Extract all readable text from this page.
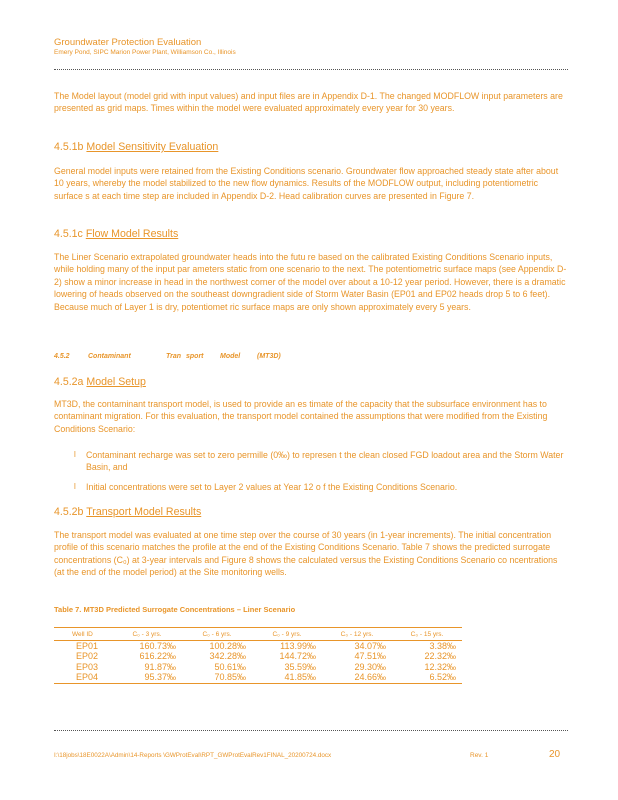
Groundwater Protection Evaluation
Emery Pond, SIPC Marion Power Plant, Williamson Co., Illinois

The Model layout (model grid with input values) and input files are in Appendix D-1. The changed MODFLOW input parameters are presented as grid maps. Times within the model were evaluated approximately every year for 30 years.

4.5.1b Model Sensitivity Evaluation

General model inputs were retained from the Existing Conditions scenario. Groundwater flow approached steady state after about 10 years, whereby the model stabilized to the new flow dynamics. Results of the MODFLOW output, including potentiometric surface s at each time step are included in Appendix D-2. Head calibration curves are presented in Figure 7.

4.5.1c Flow Model Results

The Liner Scenario extrapolated groundwater heads into the futu re based on the calibrated Existing Conditions Scenario inputs, while holding many of the input par ameters static from one scenario to the next. The potentiometric surface maps (see Appendix D-2) show a minor increase in head in the northwest corner of the model over about a 10-12 year period. However, there is a dramatic lowering of heads observed on the southeast downgradient side of Storm Water Basin (EP01 and EP02 heads drop 5 to 6 feet). Because much of Layer 1 is dry, potentiomet ric surface maps are only shown approximately every 5 years.

4.5.2	Contaminant	Tran sport Model (MT3D)
4.5.2a Model Setup

MT3D, the contaminant transport model, is used to provide an es timate of the capacity that the subsurface environment has to contaminant migration. For this evaluation, the transport model contained the assumptions that were modified from the Existing Conditions Scenario:

l Contaminant recharge was set to zero permille (0‰) to represen t the clean closed FGD loadout area and the Storm Water Basin, and

l Initial concentrations were set to Layer 2 values at Year 12 o f the Existing Conditions Scenario.

4.5.2b Transport Model Results

The transport model was evaluated at one time step over the course of 30 years (in 1-year increments). The initial concentration profile of this scenario matches the profile at the end of the Existing Conditions Scenario. Table 7 shows the predicted surrogate concentrations (C₀) at 3-year intervals and Figure 8 shows the calculated versus the Existing Conditions Scenario co ncentrations (at the end of the model period) at the Site monitoring wells.

Table 7. MT3D Predicted Surrogate Concentrations – Liner Scenario
Well ID	C₀ - 3 yrs.	C₀ - 6 yrs.	C₀ - 9 yrs.	C₀ - 12 yrs.	C₀ - 15 yrs.
EP01	160.73‰	100.28‰	113.99‰	34.07‰	3.38‰
EP02	616.22‰	342.28‰	144.72‰	47.51‰	22.32‰
EP03	91.87‰	50.61‰	35.59‰	29.30‰	12.32‰
EP04	95.37‰	70.85‰	41.85‰	24.66‰	6.52‰
I:\18jobs\18E0022A\Admin\14-Reports \GWProtEval\RPT_GWProtEvalRev1FINAL_20200724.docx	Rev. 1	20
